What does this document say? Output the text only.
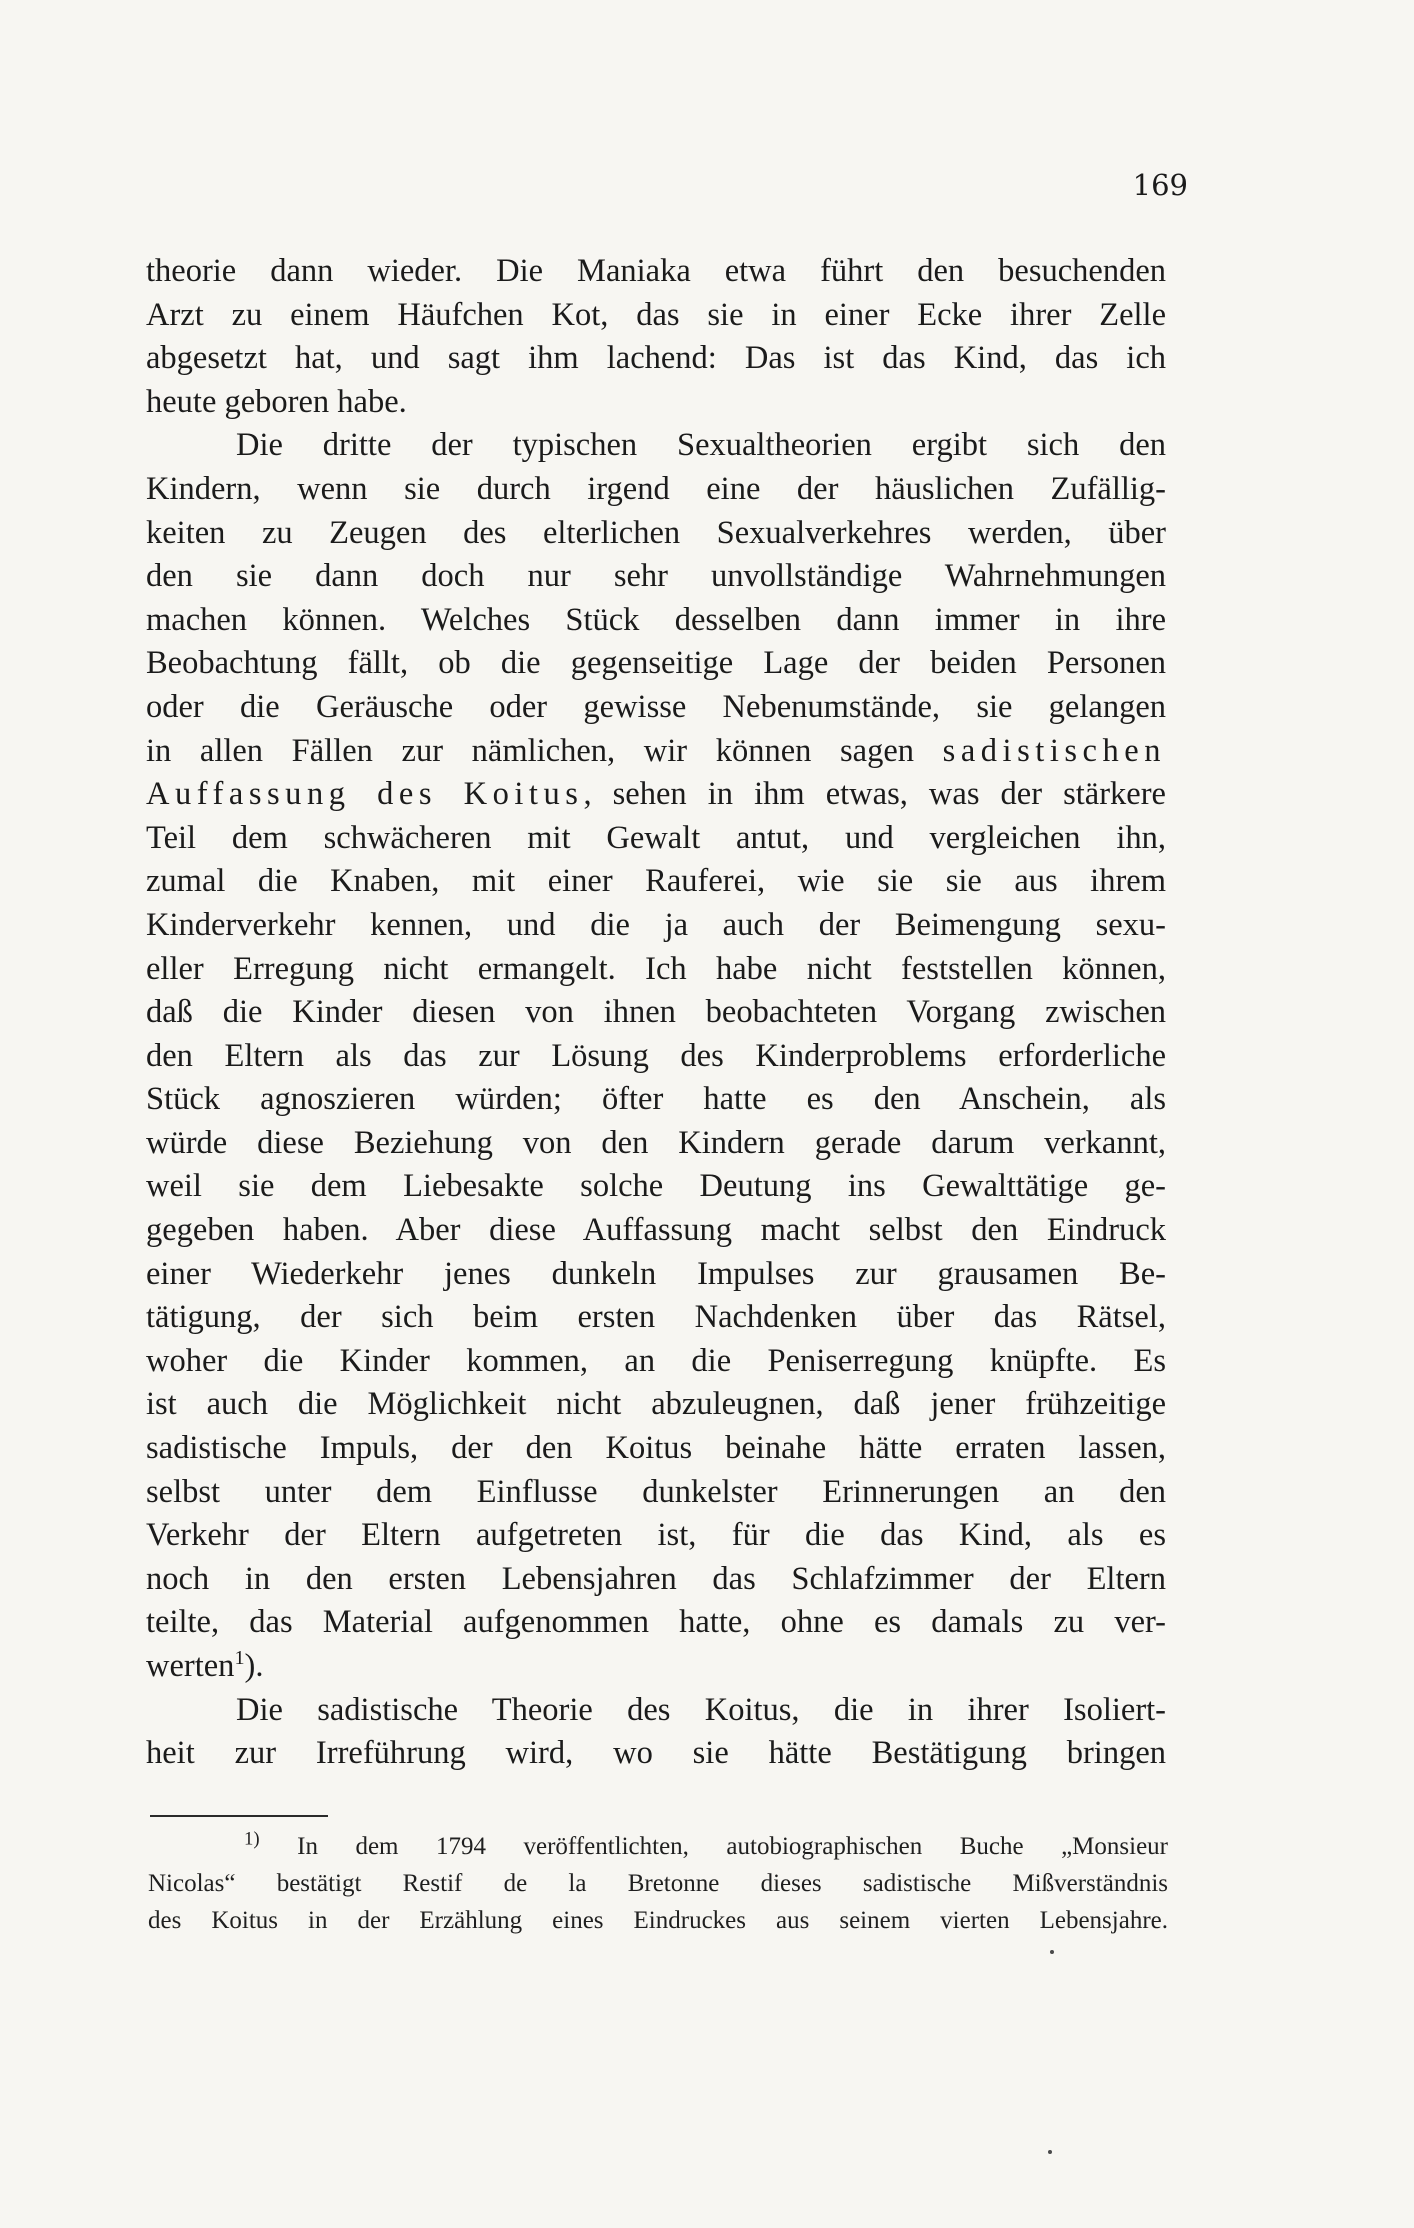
169

theorie dann wieder. Die Maniaka etwa führt den besuchenden
Arzt zu einem Häufchen Kot, das sie in einer Ecke ihrer Zelle
abgesetzt hat, und sagt ihm lachend: Das ist das Kind, das ich
heute geboren habe.

Die dritte der typischen Sexualtheorien ergibt sich den
Kindern, wenn sie durch irgend eine der häuslichen Zufällig-
keiten zu Zeugen des elterlichen Sexualverkehres werden, über
den sie dann doch nur sehr unvollständige Wahrnehmungen
machen können. Welches Stück desselben dann immer in ihre
Beobachtung fällt, ob die gegenseitige Lage der beiden Personen
oder die Geräusche oder gewisse Nebenumstände, sie gelangen
in allen Fällen zur nämlichen, wir können sagen sadistischen
Auffassung des Koitus, sehen in ihm etwas, was der stärkere
Teil dem schwächeren mit Gewalt antut, und vergleichen ihn,
zumal die Knaben, mit einer Rauferei, wie sie sie aus ihrem
Kinderverkehr kennen, und die ja auch der Beimengung sexu-
eller Erregung nicht ermangelt. Ich habe nicht feststellen können,
daß die Kinder diesen von ihnen beobachteten Vorgang zwischen
den Eltern als das zur Lösung des Kinderproblems erforderliche
Stück agnoszieren würden; öfter hatte es den Anschein, als
würde diese Beziehung von den Kindern gerade darum verkannt,
weil sie dem Liebesakte solche Deutung ins Gewalttätige ge-
gegeben haben. Aber diese Auffassung macht selbst den Eindruck
einer Wiederkehr jenes dunkeln Impulses zur grausamen Be-
tätigung, der sich beim ersten Nachdenken über das Rätsel,
woher die Kinder kommen, an die Peniserregung knüpfte. Es
ist auch die Möglichkeit nicht abzuleugnen, daß jener frühzeitige
sadistische Impuls, der den Koitus beinahe hätte erraten lassen,
selbst unter dem Einflusse dunkelster Erinnerungen an den
Verkehr der Eltern aufgetreten ist, für die das Kind, als es
noch in den ersten Lebensjahren das Schlafzimmer der Eltern
teilte, das Material aufgenommen hatte, ohne es damals zu ver-
werten$^1$).

Die sadistische Theorie des Koitus, die in ihrer Isoliert-
heit zur Irreführung wird, wo sie hätte Bestätigung bringen

$^{1)}$ In dem 1794 veröffentlichten, autobiographischen Buche „Monsieur
Nicolas“ bestätigt Restif de la Bretonne dieses sadistische Mißverständnis
des Koitus in der Erzählung eines Eindruckes aus seinem vierten Lebensjahre.
